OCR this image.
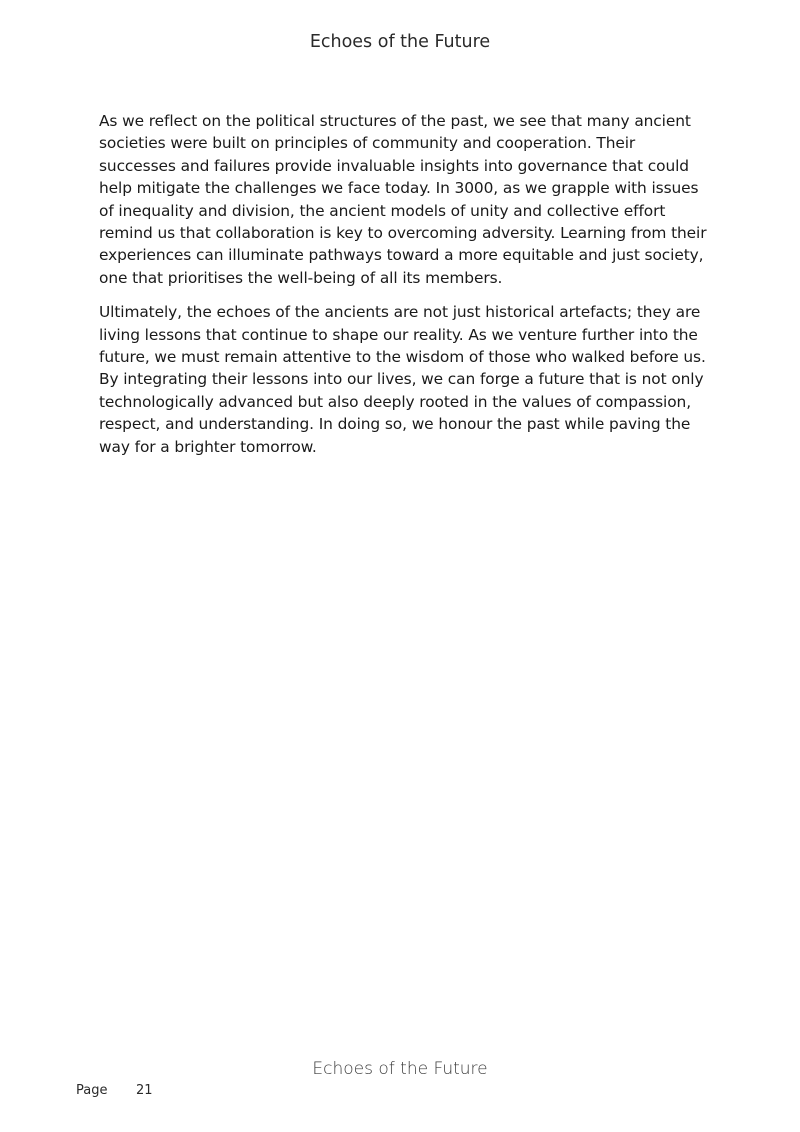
Echoes of the Future

As we reflect on the political structures of the past, we see that many ancient societies were built on principles of community and cooperation. Their successes and failures provide invaluable insights into governance that could help mitigate the challenges we face today. In 3000, as we grapple with issues of inequality and division, the ancient models of unity and collective effort remind us that collaboration is key to overcoming adversity. Learning from their experiences can illuminate pathways toward a more equitable and just society, one that prioritises the well-being of all its members.

Ultimately, the echoes of the ancients are not just historical artefacts; they are living lessons that continue to shape our reality. As we venture further into the future, we must remain attentive to the wisdom of those who walked before us. By integrating their lessons into our lives, we can forge a future that is not only technologically advanced but also deeply rooted in the values of compassion, respect, and understanding. In doing so, we honour the past while paving the way for a brighter tomorrow.

Echoes of the Future
Page 21
